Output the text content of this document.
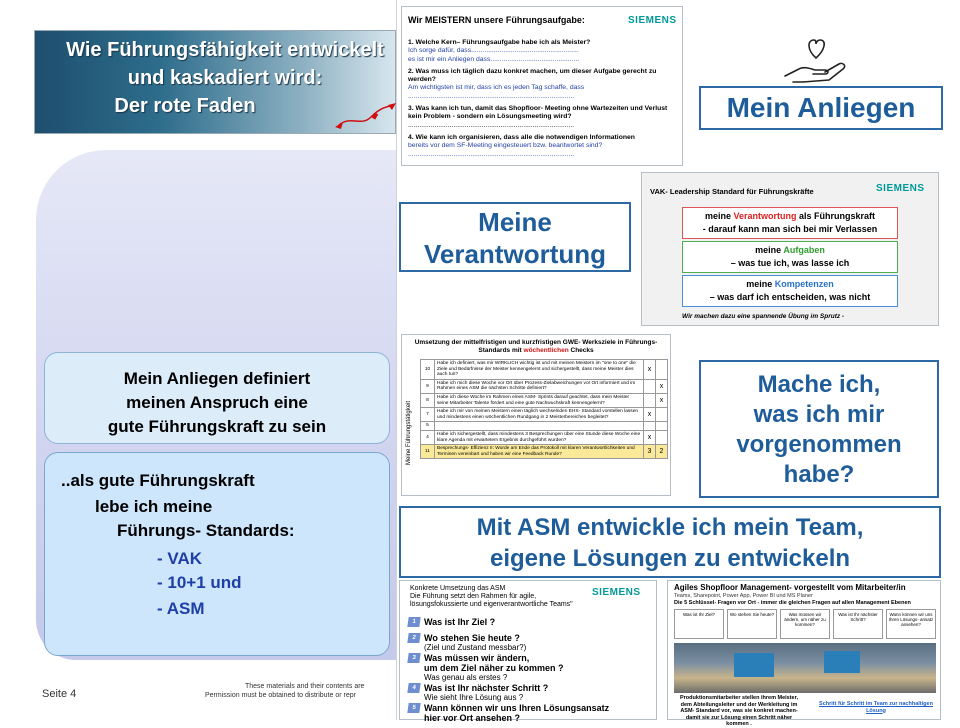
Wie Führungsfähigkeit entwickelt
und kaskadiert wird:
Der rote Faden
Mein Anliegen definiert
meinen Anspruch eine
gute Führungskraft zu sein
..als gute Führungskraft
lebe ich meine
Führungs- Standards:
- VAK
- 10+1 und
- ASM
Seite 4
These materials and their contents are
Permission must be obtained to distribute or repr
Wir MEISTERN unsere Führungsaufgabe:	SIEMENS
1. Welche Kern– Führungsaufgabe habe ich als Meister?
Ich sorge dafür, dass.........................................................
es ist mir ein Anliegen dass...............................................
2. Was muss ich täglich dazu konkret machen, um dieser Aufgabe gerecht zu werden?
Am wichtigsten ist mir, dass ich es jeden Tag schaffe, dass
........................................................................................
3. Was kann ich tun, damit das Shopfloor- Meeting ohne Wartezeiten und Verlust kein Problem - sondern ein Lösungsmeeting wird?
........................................................................................
4. Wie kann ich organisieren, dass alle die notwendigen Informationen
bereits vor dem SF-Meeting eingesteuert bzw. beantwortet sind?
........................................................................................
Mein Anliegen
Meine
Verantwortung
VAK- Leadership Standard für Führungskräfte	SIEMENS
meine Verantwortung als Führungskraft
- darauf kann man sich bei mir Verlassen
meine Aufgaben
– was tue ich, was lasse ich
meine Kompetenzen
– was darf ich entscheiden, was nicht
Wir machen dazu eine spannende Übung im Sprutz -
Umsetzung der mittelfristigen und kurzfristigen GWE- Werksziele in Führungs- Standards mit wöchentlichen Checks
Meine Führungstätigkeit
10	Habe ich definiert, was mir WIRKLICH wichtig ist und mit meinen Meistern im "one to one" die Ziele und Bedürfnisse der Meister kennengelernt und sichergestellt, dass meine Meister dies auch tun?	x	
9	Habe ich mich diese Woche vor Ort über Prozess-Zielabweichungen vor Ort informiert und im Rahmen eines ASM die nächsten Schritte definiert?		x
8	Habe ich diese Woche im Rahmen eines ASM- Sprints darauf geachtet, dass mein Meister seine Mitarbeiter Talente fördert und eine gute Nachwuchskraft kennengelernt?		x
7	Habe ich mir von meinen Meistern einen täglich wechselnden EHS- Standard vorstellen lassen und mindestens einen wöchentlichen Rundgang in 2 Meisterbereichen begleitet?	x	
5			
4	Habe ich sichergestellt, dass mindestens 3 Besprechungen über eine Stunde diese Woche eine klare Agenda mit erwartetem Ergebnis durchgeführt wurden?	x	
11	Besprechungs- Effizienz II: Wurde am Ende das Protokoll mit klaren Verantwortlichkeiten und Terminen vereinbart und haben wir eine Feedback Runde?	3	2
Mache ich,
was ich mir
vorgenommen
habe?
Mit ASM entwickle ich mein Team,
eigene Lösungen zu entwickeln
Konkrete Umsetzung das ASM
Die Führung setzt den Rahmen für agile,
lösungsfokussierte und eigenverantwortliche Teams"
SIEMENS
1 Was ist Ihr Ziel ?
2 Wo stehen Sie heute ?
(Ziel und Zustand messbar?)
3 Was müssen wir ändern,
um dem Ziel näher zu kommen ?
Was genau als erstes ?
4 Was ist Ihr nächster Schritt ?
Wie sieht Ihre Lösung aus ?
5 Wann können wir uns Ihren Lösungsansatz
hier vor Ort ansehen ?
Agiles Shopfloor Management- vorgestellt vom Mitarbeiter/in
Teams, Sharepoint, Power App, Power BI und MS Planer
Die 5 Schlüssel- Fragen vor Ort - immer die gleichen Fragen auf allen Management Ebenen
Was ist Ihr Ziel?	Wo stehen Sie heute?	Was müssen wir ändern, um näher zu kommen?
Was ist Ihr nächster Schritt?
Wann können wir uns Ihren Lösungs- ansatz ansehen?
Produktionsmitarbeiter stellen ihrem Meister, dem Abteilungsleiter und der Werkleitung im ASM- Standard vor, was sie konkret machen- damit sie zur Lösung einen Schritt näher kommen .
Schritt für Schritt im Team zur nachhaltigen Lösung
